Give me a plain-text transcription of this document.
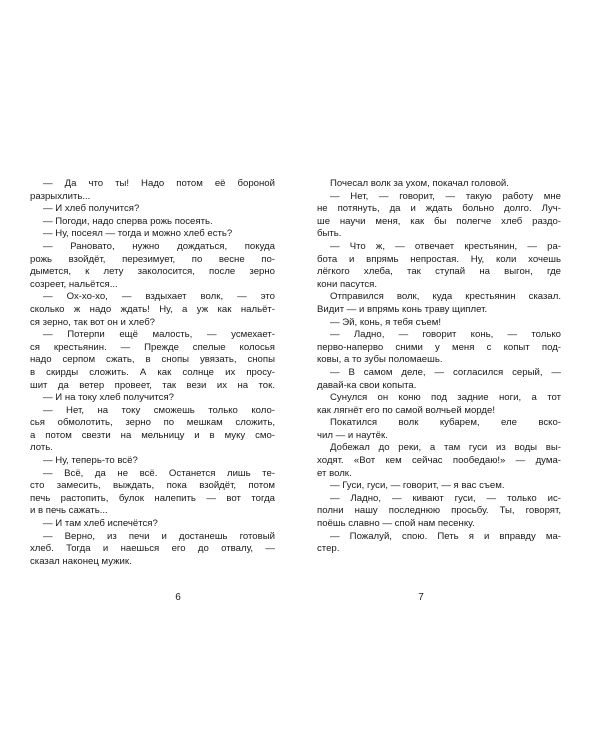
— Да что ты! Надо потом её бороной
разрыхлить...
— И хлеб получится?
— Погоди, надо сперва рожь посеять.
— Ну, посеял — тогда и можно хлеб есть?
— Рановато, нужно дождаться, покуда
рожь взойдёт, перезимует, по весне по-
дымется, к лету заколосится, после зерно
созреет, нальётся...
— Ох-хо-хо, — вздыхает волк, — это
сколько ж надо ждать! Ну, а уж как нальёт-
ся зерно, так вот он и хлеб?
— Потерпи ещё малость, — усмехает-
ся крестьянин. — Прежде спелые колосья
надо серпом сжать, в снопы увязать, снопы
в скирды сложить. А как солнце их просу-
шит да ветер провеет, так вези их на ток.
— И на току хлеб получится?
— Нет, на току сможешь только коло-
сья обмолотить, зерно по мешкам сложить,
а потом свезти на мельницу и в муку смо-
лоть.
— Ну, теперь-то всё?
— Всё, да не всё. Останется лишь те-
сто замесить, выждать, пока взойдёт, потом
печь растопить, булок налепить — вот тогда
и в печь сажать...
— И там хлеб испечётся?
— Верно, из печи и достанешь готовый
хлеб. Тогда и наешься его до отвалу, —
сказал наконец мужик.
6
Почесал волк за ухом, покачал головой.
— Нет, — говорит, — такую работу мне
не потянуть, да и ждать больно долго. Луч-
ше научи меня, как бы полегче хлеб раздо-
быть.
— Что ж, — отвечает крестьянин, — ра-
бота и впрямь непростая. Ну, коли хочешь
лёгкого хлеба, так ступай на выгон, где
кони пасутся.
Отправился волк, куда крестьянин сказал.
Видит — и впрямь конь траву щиплет.
— Эй, конь, я тебя съем!
— Ладно, — говорит конь, — только
перво-наперво сними у меня с копыт под-
ковы, а то зубы поломаешь.
— В самом деле, — согласился серый, —
давай-ка свои копыта.
Сунулся он коню под задние ноги, а тот
как лягнёт его по самой волчьей морде!
Покатился волк кубарем, еле вско-
чил — и наутёк.
Добежал до реки, а там гуси из воды вы-
ходят. «Вот кем сейчас пообедаю!» — дума-
ет волк.
— Гуси, гуси, — говорит, — я вас съем.
— Ладно, — кивают гуси, — только ис-
полни нашу последнюю просьбу. Ты, говорят,
поёшь славно — спой нам песенку.
— Пожалуй, спою. Петь я и вправду ма-
стер.
7
